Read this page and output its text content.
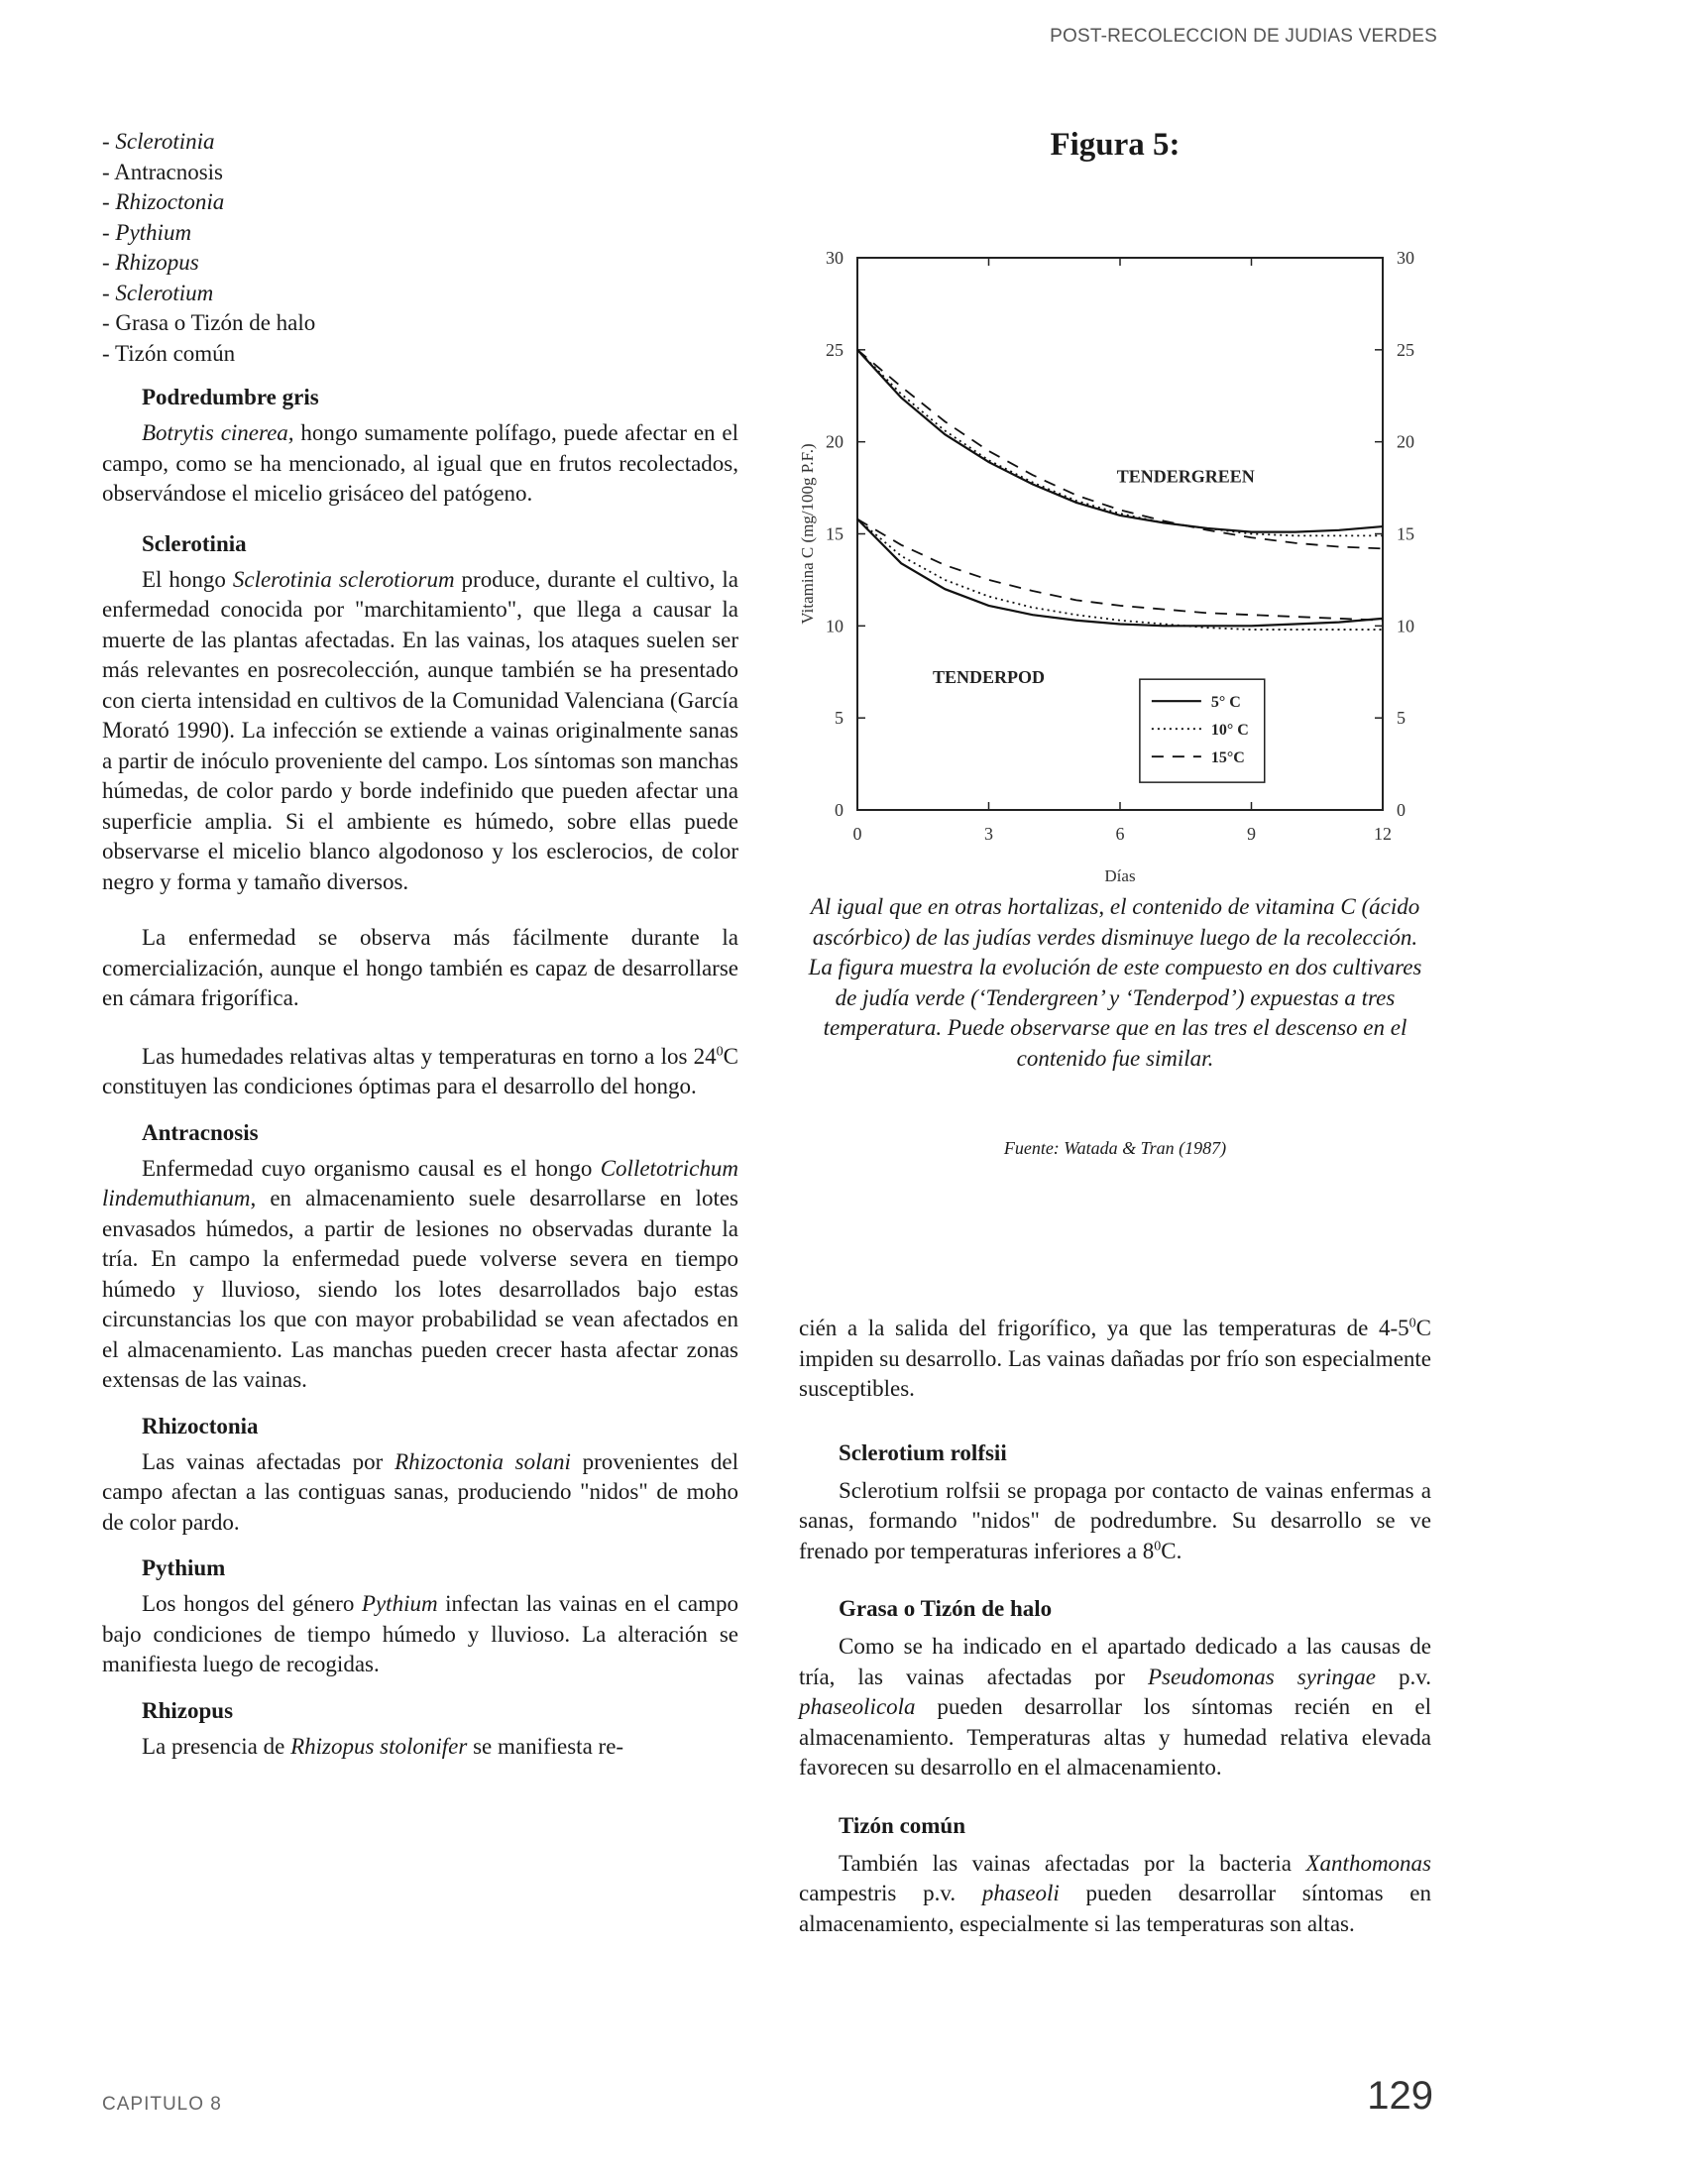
POST-RECOLECCION DE JUDIAS VERDES

- Sclerotinia

- Antracnosis

- Rhizoctonia

- Pythium

- Rhizopus

- Sclerotium

- Grasa o Tizón de halo

- Tizón común

Podredumbre gris

Botrytis cinerea, hongo sumamente polífago, puede afectar en el campo, como se ha mencionado, al igual que en frutos recolectados, observándose el micelio grisáceo del patógeno.

Sclerotinia

El hongo Sclerotinia sclerotiorum produce, durante el cultivo, la enfermedad conocida por "marchitamiento", que llega a causar la muerte de las plantas afectadas. En las vainas, los ataques suelen ser más relevantes en posrecolección, aunque también se ha presentado con cierta intensidad en cultivos de la Comunidad Valenciana (García Morató 1990). La infección se extiende a vainas originalmente sanas a partir de inóculo proveniente del campo. Los síntomas son manchas húmedas, de color pardo y borde indefinido que pueden afectar una superficie amplia. Si el ambiente es húmedo, sobre ellas puede observarse el micelio blanco algodonoso y los esclerocios, de color negro y forma y tamaño diversos.

La enfermedad se observa más fácilmente durante la comercialización, aunque el hongo también es capaz de desarrollarse en cámara frigorífica.

Las humedades relativas altas y temperaturas en torno a los $24^0C$ constituyen las condiciones óptimas para el desarrollo del hongo.

Antracnosis

Enfermedad cuyo organismo causal es el hongo Colletotrichum lindemuthianum, en almacenamiento suele desarrollarse en lotes envasados húmedos, a partir de lesiones no observadas durante la tría. En campo la enfermedad puede volverse severa en tiempo húmedo y lluvioso, siendo los lotes desarrollados bajo estas circunstancias los que con mayor probabilidad se vean afectados en el almacenamiento. Las manchas pueden crecer hasta afectar zonas extensas de las vainas.

Rhizoctonia

Las vainas afectadas por Rhizoctonia solani provenientes del campo afectan a las contiguas sanas, produciendo "nidos" de moho de color pardo.

Pythium

Los hongos del género Pythium infectan las vainas en el campo bajo condiciones de tiempo húmedo y lluvioso. La alteración se manifiesta luego de recogidas.

Rhizopus

La presencia de Rhizopus stolonifer se manifiesta re-

Figura 5:
0	0
5	5
10	10
15	15
20	20
25	25
30	30
0	3	6	9	12
Días
Vitamina C (mg/100g P.F.)	TENDERGREEN
TENDERPOD
5° C
10° C
15°C
Al igual que en otras hortalizas, el contenido de vitamina C (ácido ascórbico) de las judías verdes disminuye luego de la recolección. La figura muestra la evolución de este compuesto en dos cultivares de judía verde (‘Tendergreen’ y ‘Tenderpod’) expuestas a tres temperatura. Puede observarse que en las tres el descenso en el contenido fue similar.
Fuente: Watada & Tran (1987)

cién a la salida del frigorífico, ya que las temperaturas de $4-5^0C$ impiden su desarrollo. Las vainas dañadas por frío son especialmente susceptibles.

Sclerotium rolfsii

Sclerotium rolfsii se propaga por contacto de vainas enfermas a sanas, formando "nidos" de podredumbre. Su desarrollo se ve frenado por temperaturas inferiores a $8^0C$.

Grasa o Tizón de halo

Como se ha indicado en el apartado dedicado a las causas de tría, las vainas afectadas por Pseudomonas syringae p.v. phaseolicola pueden desarrollar los síntomas recién en el almacenamiento. Temperaturas altas y humedad relativa elevada favorecen su desarrollo en el almacenamiento.

Tizón común

También las vainas afectadas por la bacteria Xanthomonas campestris p.v. phaseoli pueden desarrollar síntomas en almacenamiento, especialmente si las temperaturas son altas.

CAPITULO 8	129
